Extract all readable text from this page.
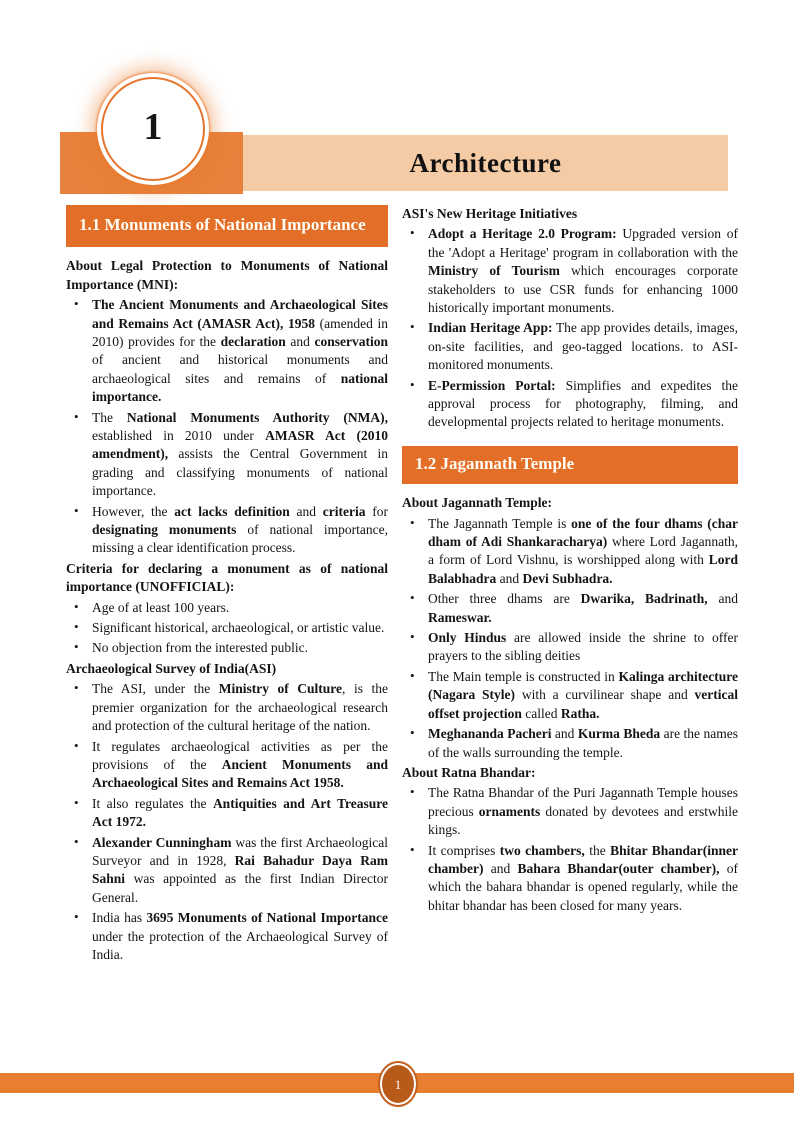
Architecture
1
1.1 Monuments of National Importance
About Legal Protection to Monuments of National Importance (MNI):
• The Ancient Monuments and Archaeological Sites and Remains Act (AMASR Act), 1958 (amended in 2010) provides for the declaration and conservation of ancient and historical monuments and archaeological sites and remains of national importance.
• The National Monuments Authority (NMA), established in 2010 under AMASR Act (2010 amendment), assists the Central Government in grading and classifying monuments of national importance.
• However, the act lacks definition and criteria for designating monuments of national importance, missing a clear identification process.
Criteria for declaring a monument as of national importance (UNOFFICIAL):
• Age of at least 100 years.
• Significant historical, archaeological, or artistic value.
• No objection from the interested public.
Archaeological Survey of India(ASI)
• The ASI, under the Ministry of Culture, is the premier organization for the archaeological research and protection of the cultural heritage of the nation.
• It regulates archaeological activities as per the provisions of the Ancient Monuments and Archaeological Sites and Remains Act 1958.
• It also regulates the Antiquities and Art Treasure Act 1972.
• Alexander Cunningham was the first Archaeological Surveyor and in 1928, Rai Bahadur Daya Ram Sahni was appointed as the first Indian Director General.
• India has 3695 Monuments of National Importance under the protection of the Archaeological Survey of India.
ASI's New Heritage Initiatives
• Adopt a Heritage 2.0 Program: Upgraded version of the 'Adopt a Heritage' program in collaboration with the Ministry of Tourism which encourages corporate stakeholders to use CSR funds for enhancing 1000 historically important monuments.
• Indian Heritage App: The app provides details, images, on-site facilities, and geo-tagged locations. to ASI-monitored monuments.
• E-Permission Portal: Simplifies and expedites the approval process for photography, filming, and developmental projects related to heritage monuments.
1.2 Jagannath Temple
About Jagannath Temple:
• The Jagannath Temple is one of the four dhams (char dham of Adi Shankaracharya) where Lord Jagannath, a form of Lord Vishnu, is worshipped along with Lord Balabhadra and Devi Subhadra.
• Other three dhams are Dwarika, Badrinath, and Rameswar.
• Only Hindus are allowed inside the shrine to offer prayers to the sibling deities
• The Main temple is constructed in Kalinga architecture (Nagara Style) with a curvilinear shape and vertical offset projection called Ratha.
• Meghananda Pacheri and Kurma Bheda are the names of the walls surrounding the temple.
About Ratna Bhandar:
• The Ratna Bhandar of the Puri Jagannath Temple houses precious ornaments donated by devotees and erstwhile kings.
• It comprises two chambers, the Bhitar Bhandar(inner chamber) and Bahara Bhandar(outer chamber), of which the bahara bhandar is opened regularly, while the bhitar bhandar has been closed for many years.
1
